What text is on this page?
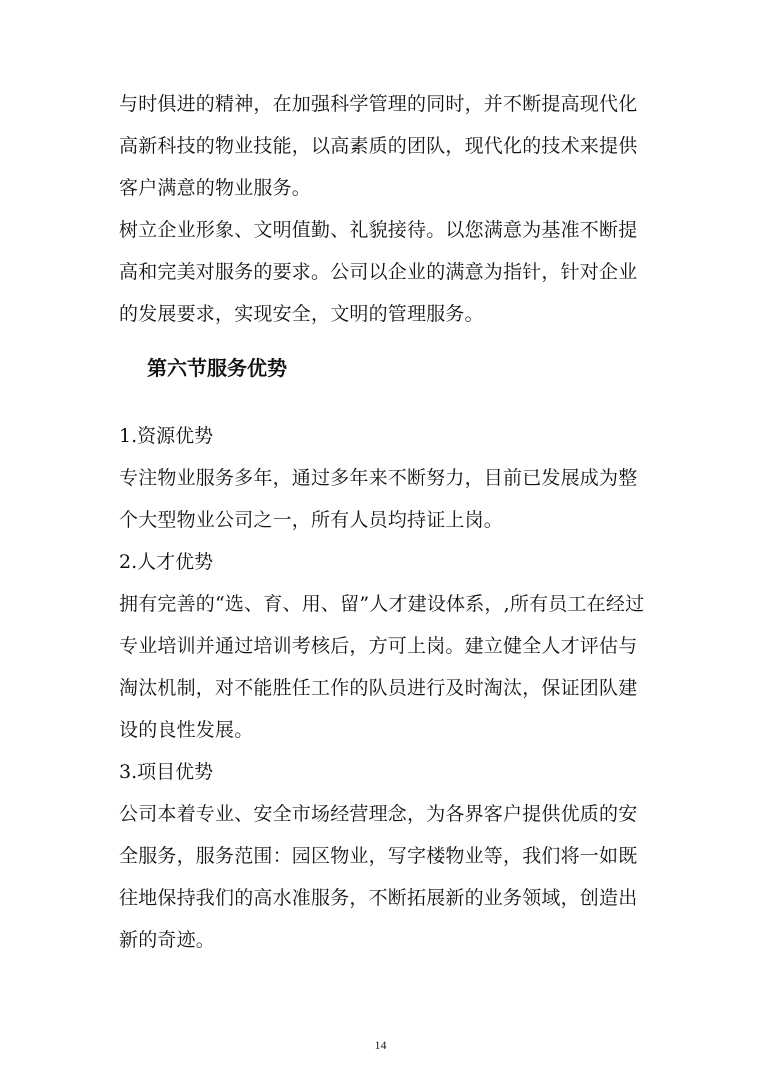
与时俱进的精神，在加强科学管理的同时，并不断提高现代化
高新科技的物业技能，以高素质的团队，现代化的技术来提供
客户满意的物业服务。
树立企业形象、文明值勤、礼貌接待。以您满意为基准不断提
高和完美对服务的要求。公司以企业的满意为指针，针对企业
的发展要求，实现安全，文明的管理服务。
第六节服务优势
1.资源优势
专注物业服务多年，通过多年来不断努力，目前已发展成为整
个大型物业公司之一，所有人员均持证上岗。
2.人才优势
拥有完善的“选、育、用、留”人才建设体系，,所有员工在经过
专业培训并通过培训考核后，方可上岗。建立健全人才评估与
淘汰机制，对不能胜任工作的队员进行及时淘汰，保证团队建
设的良性发展。
3.项目优势
公司本着专业、安全市场经营理念，为各界客户提供优质的安
全服务，服务范围：园区物业，写字楼物业等，我们将一如既
往地保持我们的高水准服务，不断拓展新的业务领域，创造出
新的奇迹。
14
